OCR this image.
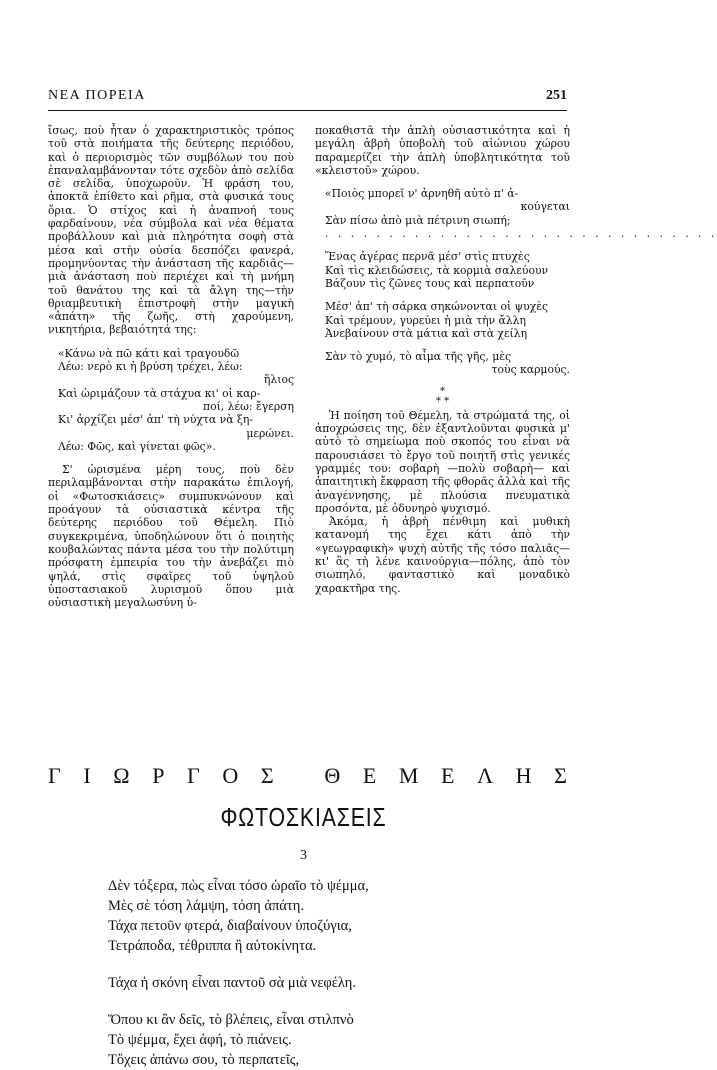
ΝΕΑ ΠΟΡΕΙΑ	251

ἴσως, ποὺ ἦταν ὁ χαρακτηριστικὸς τρόπος τοῦ στὰ ποιήματα τῆς δεύτερης περιόδου, καὶ ὁ περιορισμὸς τῶν συμβόλων του ποὺ ἐπαναλαμβάνονταν τότε σχεδὸν ἀπὸ σελίδα σὲ σελίδα, ὑποχωροῦν. Ἡ φράση του, ἀποκτᾶ ἐπίθετο καὶ ρῆμα, στὰ φυσικά τους ὅρια. Ὁ στίχος καὶ ἡ ἀναπνοή τους φαρδαίνουν, νέα σύμβολα καὶ νέα θέματα προβάλλουν καὶ μιὰ πληρότητα σοφὴ στὰ μέσα καὶ στὴν οὐσία δεσπόζει φανερά, προμηνύοντας τὴν ἀνάσταση τῆς καρδιᾶς—μιὰ ἀνάσταση ποὺ περιέχει καὶ τὴ μνήμη τοῦ θανάτου της καὶ τὰ ἄλγη της—τὴν θριαμβευτικὴ ἐπιστροφὴ στὴν μαγικὴ «ἀπάτη» τῆς ζωῆς, στὴ χαρούμενη, νικητήρια, βεβαιότητά της:

«Κάνω νὰ πῶ κάτι καὶ τραγουδῶ
Λέω: νερὸ κι ἡ βρύση τρέχει, λέω:
ἥλιος
Καὶ ὡριμάζουν τὰ στάχυα κι' οἱ καρ-
ποί, λέω: ἔγερση
Κι' ἀρχίζει μέσ' ἀπ' τὴ νύχτα νὰ ξη-
μερώνει.
Λέω: Φῶς, καὶ γίνεται φῶς».

Σ' ὡρισμένα μέρη τους, ποὺ δὲν περιλαμβάνονται στὴν παρακάτω ἐπιλογή, οἱ «Φωτοσκιάσεις» συμπυκνώνουν καὶ προάγουν τὰ οὐσιαστικὰ κέντρα τῆς δεύτερης περιόδου τοῦ Θέμελη. Πιὸ συγκεκριμένα, ὑποδηλώνουν ὅτι ὁ ποιητὴς κουβαλώντας πάντα μέσα του τὴν πολύτιμη πρόσφατη ἐμπειρία του τὴν ἀνεβάζει πιὸ ψηλά, στὶς σφαῖρες τοῦ ὑψηλοῦ ὑποστασιακοῦ λυρισμοῦ ὅπου μιὰ οὐσιαστικὴ μεγαλωσύνη ὑ-

ποκαθιστᾶ τὴν ἁπλὴ οὐσιαστικότητα καὶ ἡ μεγάλη ἀβρὴ ὑποβολὴ τοῦ αἰώνιου χώρου παραμερίζει τὴν ἁπλὴ ὑποβλητικότητα τοῦ «κλειστοῦ» χώρου.

«Ποιὸς μπορεῖ ν' ἀρνηθῆ αὐτὸ π' ἀ-
κούγεται
Σὰν πίσω ἀπὸ μιὰ πέτρινη σιωπή;
. . . . . . . . . . . . . . . . . . . . . . . . . . . . . . .
Ἕνας ἀγέρας περνᾶ μέσ' στὶς πτυχὲς
Καὶ τὶς κλειδώσεις, τὰ κορμιὰ σαλεύουν
Βάζουν τὶς ζῶνες τους καὶ περπατοῦν
Μέσ' ἀπ' τὴ σάρκα σηκώνονται οἱ ψυχὲς
Καὶ τρέμουν, γυρεύει ἡ μιὰ τὴν ἄλλη
Ἀνεβαίνουν στὰ μάτια καὶ στὰ χείλη
Σὰν τὸ χυμό, τὸ αἷμα τῆς γῆς, μὲς
τοὺς καρμούς.
*
* *

Ἡ ποίηση τοῦ Θέμελη, τὰ στρώματά της, οἱ ἀποχρώσεις της, δὲν ἐξαντλοῦνται φυσικὰ μ' αὐτὸ τὸ σημείωμα ποὺ σκοπός του εἶναι νὰ παρουσιάσει τὸ ἔργο τοῦ ποιητῆ στὶς γενικές γραμμές του: σοβαρὴ —πολὺ σοβαρὴ— καὶ ἀπαιτητικὴ ἔκφραση τῆς φθορᾶς ἀλλὰ καὶ τῆς ἀναγέννησης, μὲ πλούσια πνευματικὰ προσόντα, μὲ ὀδυνηρὸ ψυχισμό.

Ἀκόμα, ἡ ἀβρὴ πένθιμη καὶ μυθικὴ κατανομή της ἔχει κάτι ἀπὸ τὴν «γεωγραφικὴ» ψυχὴ αὐτῆς τῆς τόσο παλιᾶς—κι' ἂς τὴ λένε καινούργια—πόλης, ἀπὸ τὸν σιωπηλό, φανταστικὸ καὶ μοναδικὸ χαρακτῆρα της.

Γ Ι Ω Ρ Γ Ο Σ
Θ Ε Μ Ε Λ Η Σ
ΦΩΤΟΣΚΙΑΣΕΙΣ
3
Δὲν τόξερα, πὼς εἶναι τόσο ὡραῖο τὸ ψέμμα,
Μὲς σὲ τόση λάμψη, τόση ἀπάτη.
Τάχα πετοῦν φτερά, διαβαίνουν ὑποζύγια,
Τετράποδα, τέθριππα ἢ αὐτοκίνητα.
Τάχα ἡ σκόνη εἶναι παντοῦ σὰ μιὰ νεφέλη.
Ὅπου κι ἂν δεῖς, τὸ βλέπεις, εἶναι στιλπνὸ
Τὸ ψέμμα, ἔχει ἀφή, τὸ πιάνεις.
Τὄχεις ἀπάνω σου, τὸ περπατεῖς,
